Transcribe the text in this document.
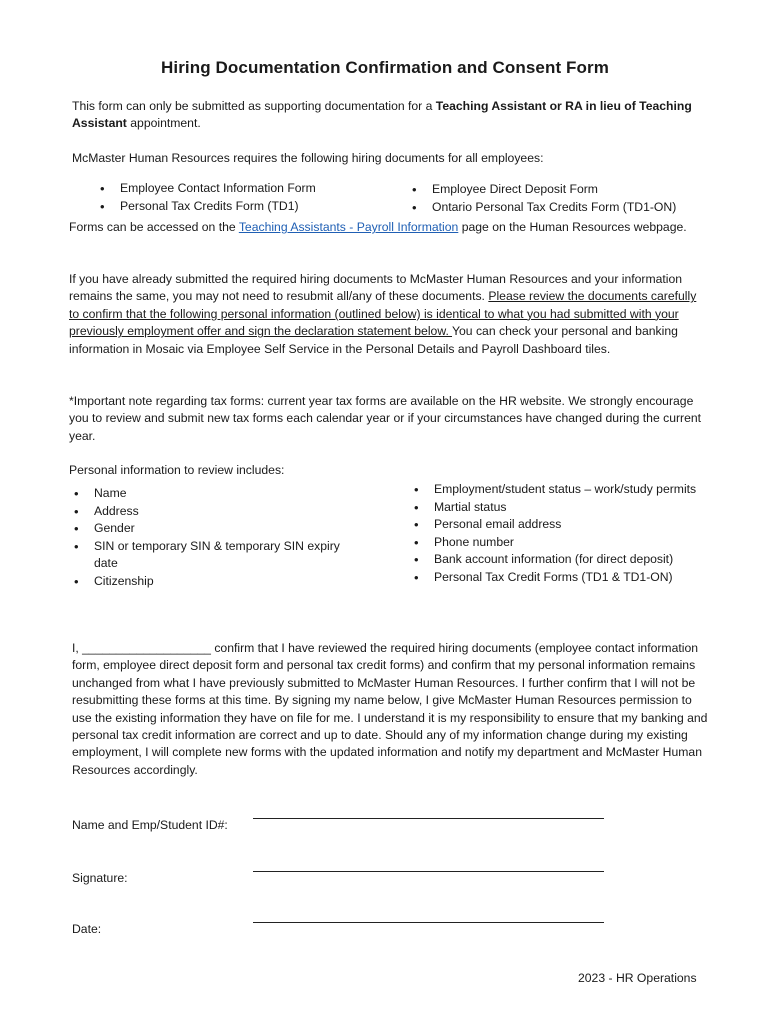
Hiring Documentation Confirmation and Consent Form
This form can only be submitted as supporting documentation for a Teaching Assistant or RA in lieu of Teaching Assistant appointment.
McMaster Human Resources requires the following hiring documents for all employees:
• Employee Contact Information Form
• Personal Tax Credits Form (TD1)
• Employee Direct Deposit Form
• Ontario Personal Tax Credits Form (TD1-ON)
Forms can be accessed on the Teaching Assistants - Payroll Information page on the Human Resources webpage.
If you have already submitted the required hiring documents to McMaster Human Resources and your information remains the same, you may not need to resubmit all/any of these documents. Please review the documents carefully to confirm that the following personal information (outlined below) is identical to what you had submitted with your previously employment offer and sign the declaration statement below. You can check your personal and banking information in Mosaic via Employee Self Service in the Personal Details and Payroll Dashboard tiles.
*Important note regarding tax forms: current year tax forms are available on the HR website. We strongly encourage you to review and submit new tax forms each calendar year or if your circumstances have changed during the current year.
Personal information to review includes:
• Name
• Address
• Gender
• SIN or temporary SIN & temporary SIN expiry date
• Citizenship
• Employment/student status – work/study permits
• Martial status
• Personal email address
• Phone number
• Bank account information (for direct deposit)
• Personal Tax Credit Forms (TD1 & TD1-ON)
I, ___________________ confirm that I have reviewed the required hiring documents (employee contact information form, employee direct deposit form and personal tax credit forms) and confirm that my personal information remains unchanged from what I have previously submitted to McMaster Human Resources. I further confirm that I will not be resubmitting these forms at this time. By signing my name below, I give McMaster Human Resources permission to use the existing information they have on file for me. I understand it is my responsibility to ensure that my banking and personal tax credit information are correct and up to date. Should any of my information change during my existing employment, I will complete new forms with the updated information and notify my department and McMaster Human Resources accordingly.
Name and Emp/Student ID#:
Signature:
Date:
2023 - HR Operations
